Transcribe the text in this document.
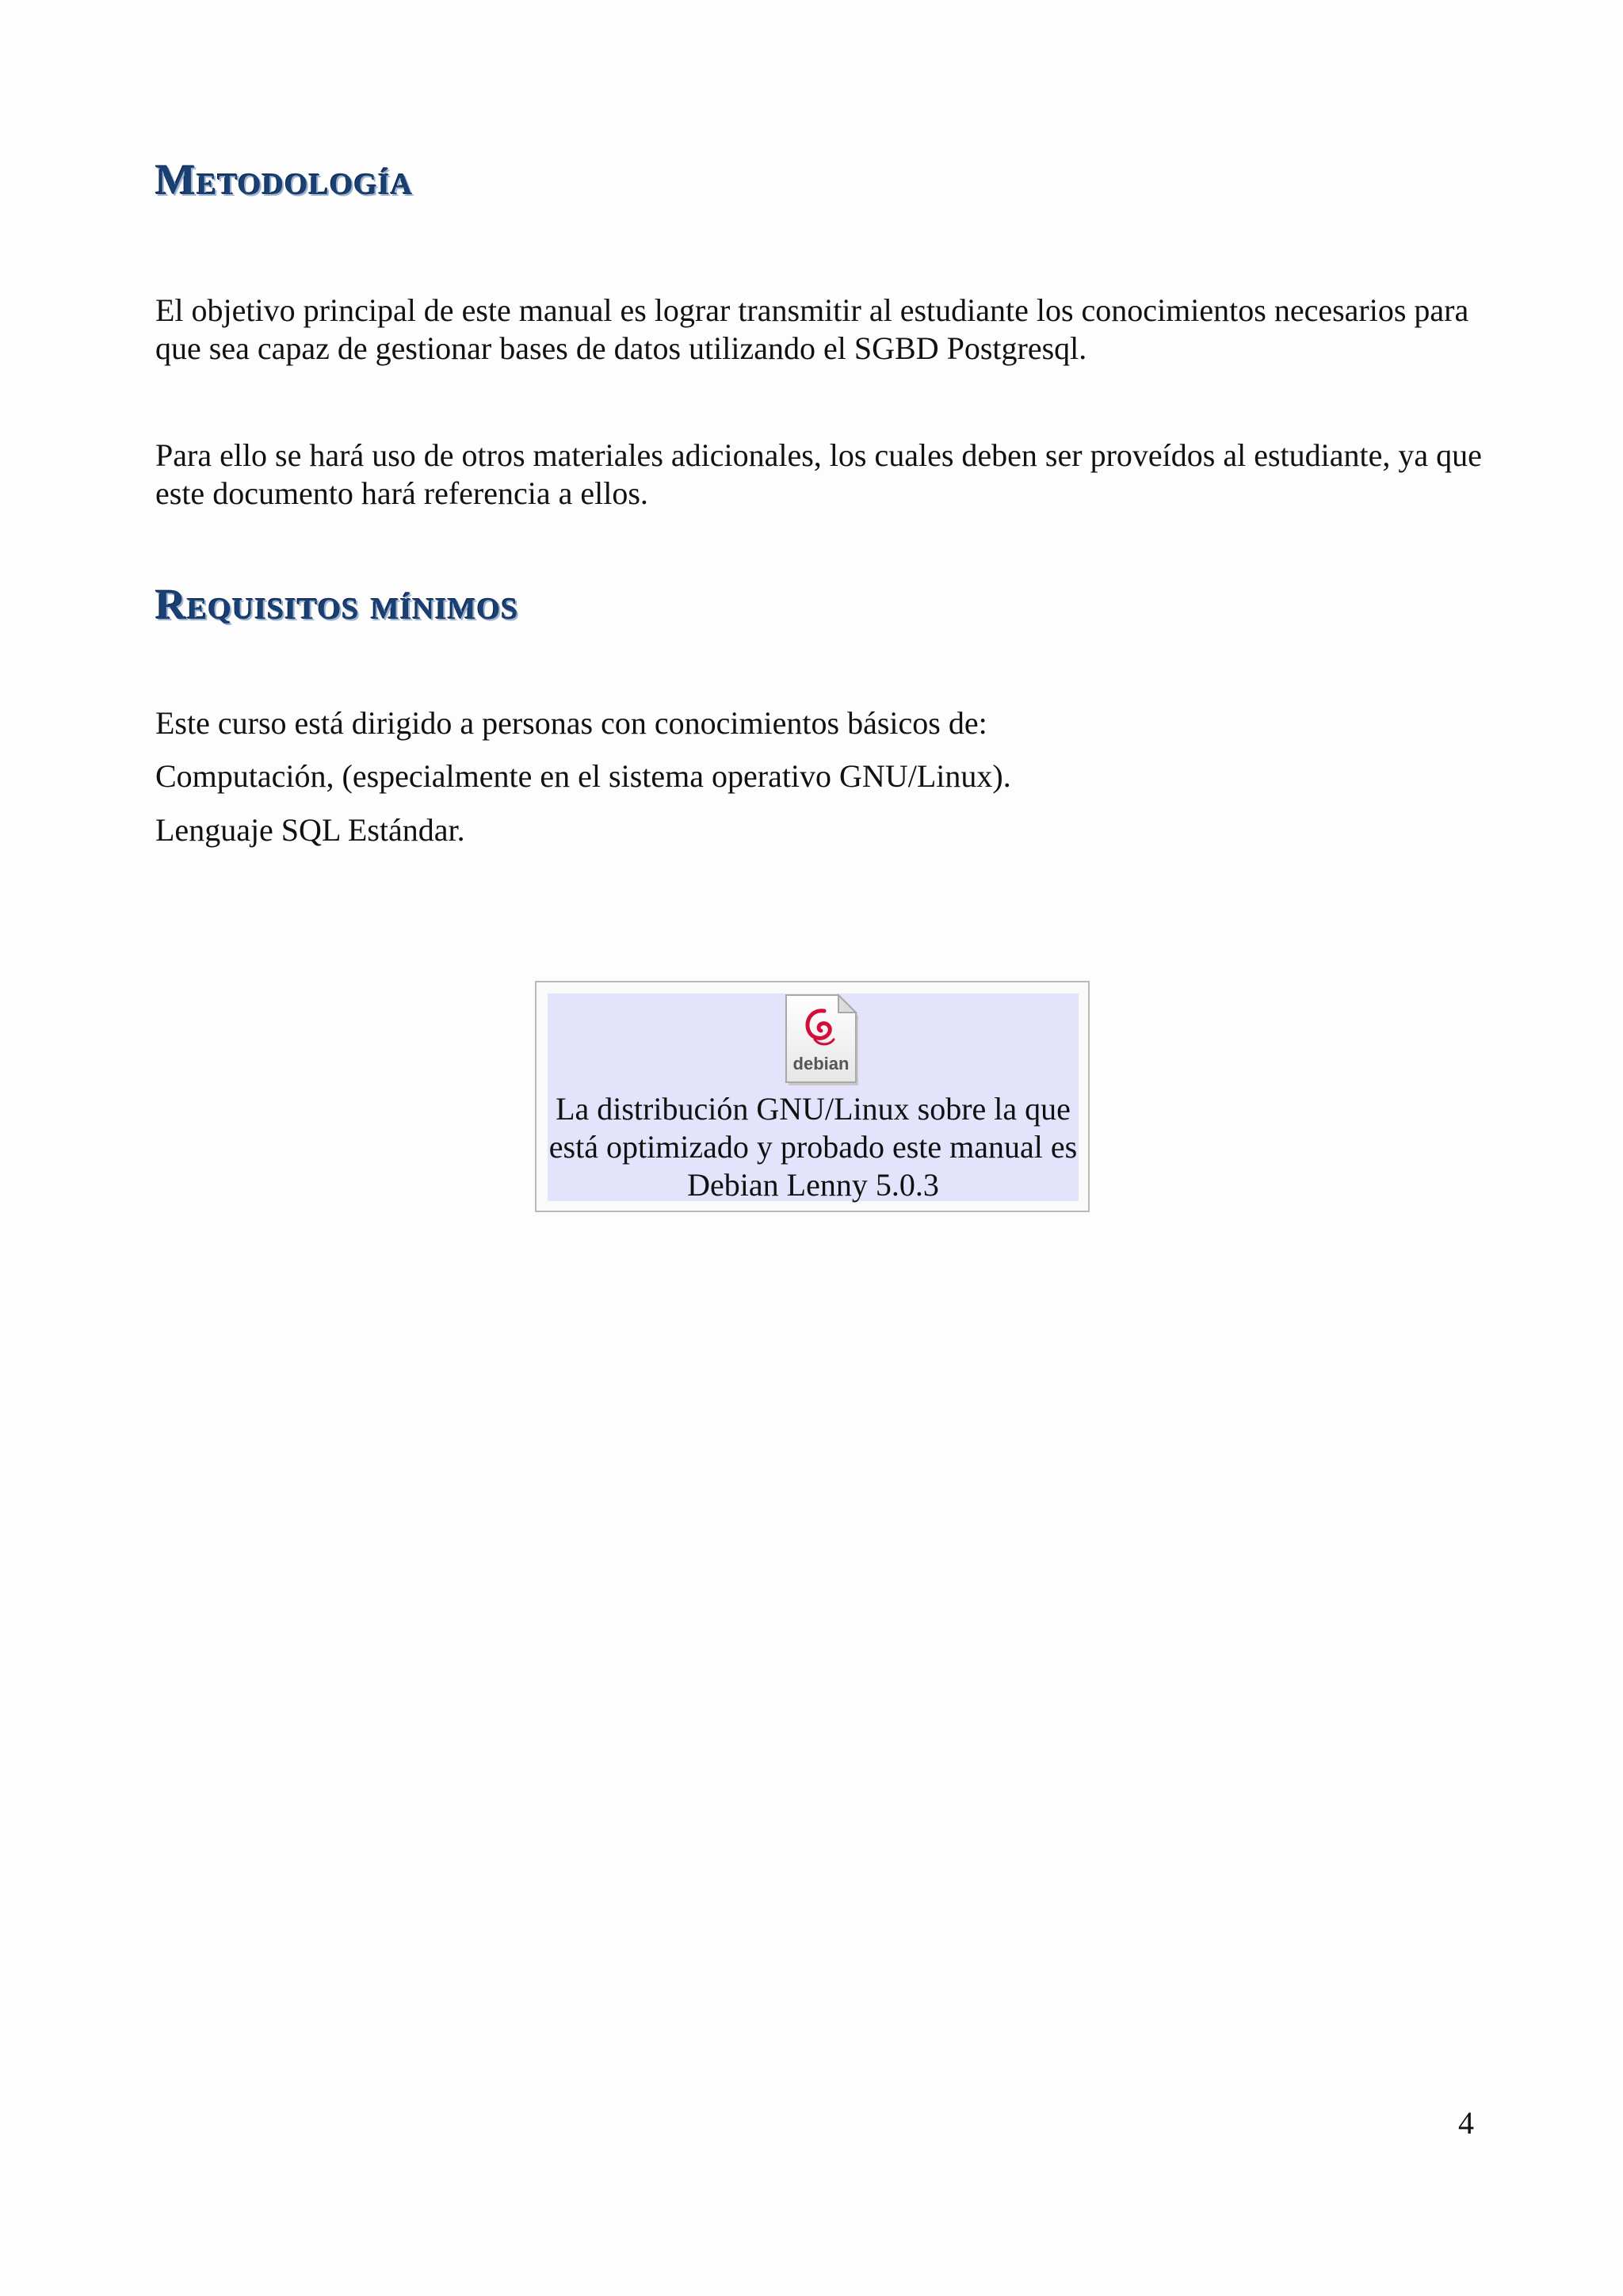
Metodología

El objetivo principal de este manual es lograr transmitir al estudiante los conocimientos necesarios para que sea capaz de gestionar bases de datos utilizando el SGBD Postgresql.

Para ello se hará uso de otros materiales adicionales, los cuales deben ser proveídos al estudiante, ya que este documento hará referencia a ellos.

Requisitos mínimos

Este curso está dirigido a personas con conocimientos básicos de:

Computación, (especialmente en el sistema operativo GNU/Linux).

Lenguaje SQL Estándar.

debian

La distribución GNU/Linux sobre la que está optimizado y probado este manual es Debian Lenny 5.0.3

4
